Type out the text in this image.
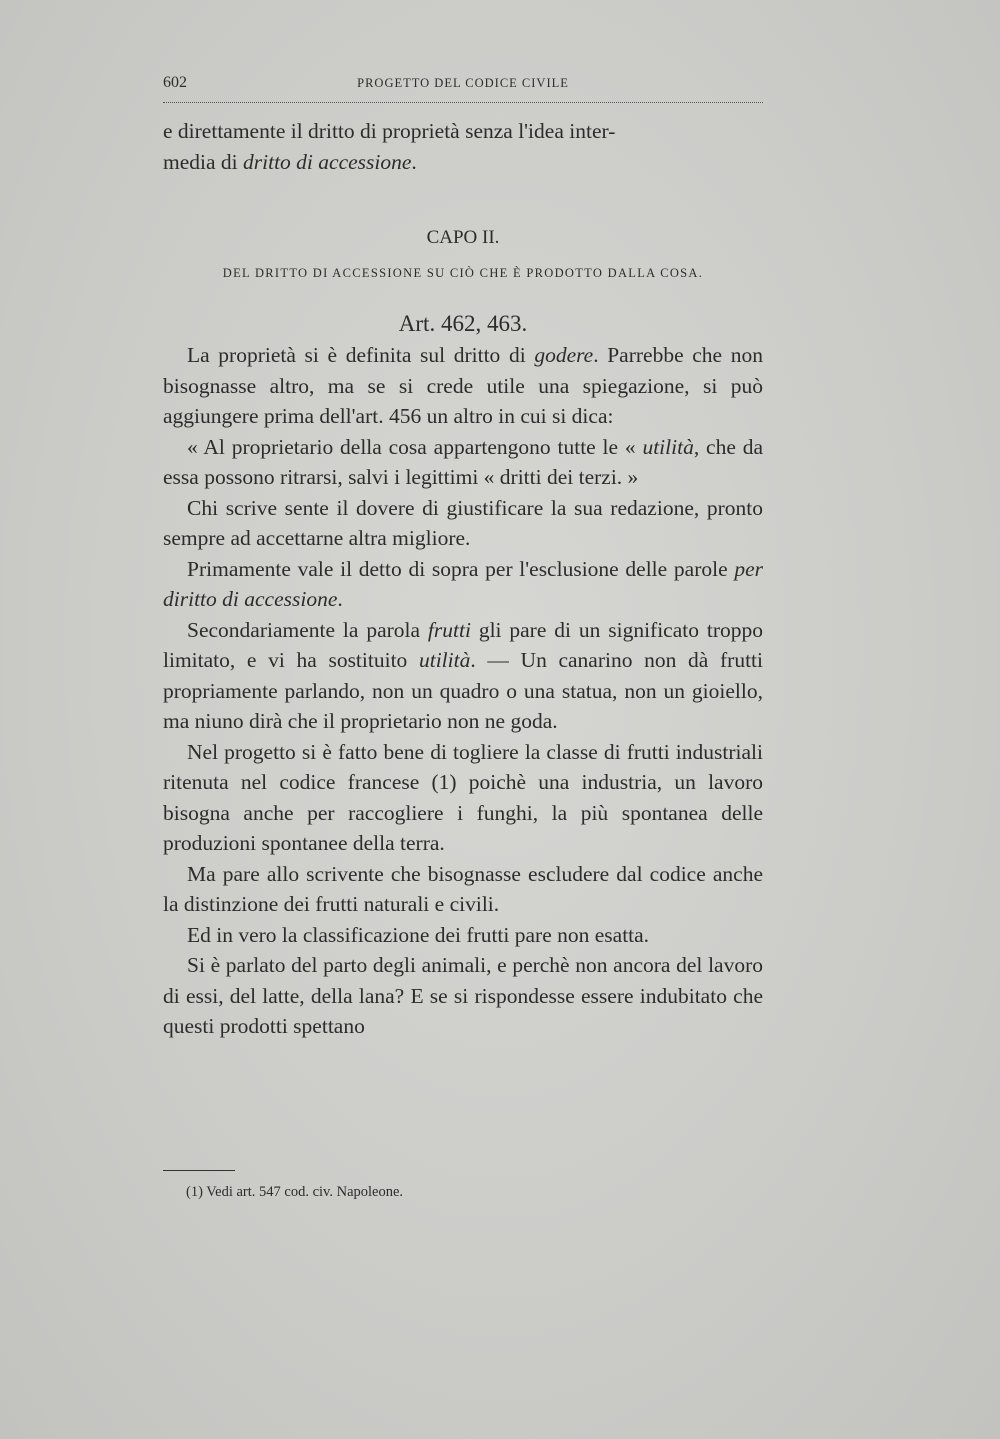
602	PROGETTO DEL CODICE CIVILE

e direttamente il dritto di proprietà senza l'idea inter-

media di dritto di accessione.

CAPO II.
DEL DRITTO DI ACCESSIONE SU CIÒ CHE È PRODOTTO DALLA COSA.
Art. 462, 463.

La proprietà si è definita sul dritto di godere. Parrebbe che non bisognasse altro, ma se si crede utile una spiegazione, si può aggiungere prima dell'art. 456 un altro in cui si dica:

« Al proprietario della cosa appartengono tutte le « utilità, che da essa possono ritrarsi, salvi i legittimi « dritti dei terzi. »

Chi scrive sente il dovere di giustificare la sua redazione, pronto sempre ad accettarne altra migliore.

Primamente vale il detto di sopra per l'esclusione delle parole per diritto di accessione.

Secondariamente la parola frutti gli pare di un significato troppo limitato, e vi ha sostituito utilità. — Un canarino non dà frutti propriamente parlando, non un quadro o una statua, non un gioiello, ma niuno dirà che il proprietario non ne goda.

Nel progetto si è fatto bene di togliere la classe di frutti industriali ritenuta nel codice francese (1) poichè una industria, un lavoro bisogna anche per raccogliere i funghi, la più spontanea delle produzioni spontanee della terra.

Ma pare allo scrivente che bisognasse escludere dal codice anche la distinzione dei frutti naturali e civili.

Ed in vero la classificazione dei frutti pare non esatta.

Si è parlato del parto degli animali, e perchè non ancora del lavoro di essi, del latte, della lana? E se si rispondesse essere indubitato che questi prodotti spettano

(1) Vedi art. 547 cod. civ. Napoleone.
